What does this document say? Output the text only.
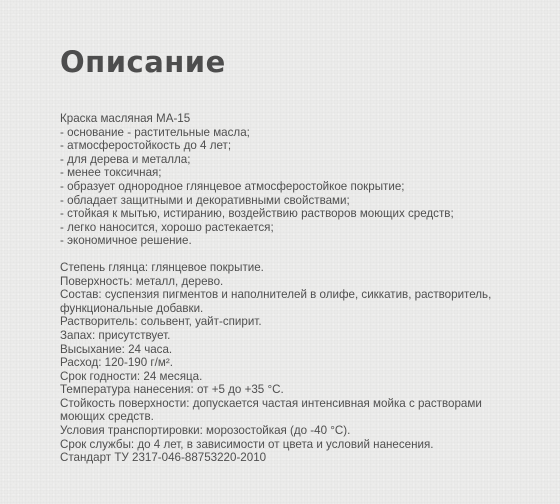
Описание
Краска масляная МА-15
- основание - растительные масла;
- атмосферостойкость до 4 лет;
- для дерева и металла;
- менее токсичная;
- образует однородное глянцевое атмосферостойкое покрытие;
- обладает защитными и декоративными свойствами;
- стойкая к мытью, истиранию, воздействию растворов моющих средств;
- легко наносится, хорошо растекается;
- экономичное решение.
Степень глянца: глянцевое покрытие.
Поверхность: металл, дерево.
Состав: суспензия пигментов и наполнителей в олифе, сиккатив, растворитель,
функциональные добавки.
Растворитель: сольвент, уайт-спирит.
Запах: присутствует.
Высыхание: 24 часа.
Расход: 120-190 г/м².
Срок годности: 24 месяца.
Температура нанесения: от +5 до +35 °С.
Стойкость поверхности: допускается частая интенсивная мойка с растворами
моющих средств.
Условия транспортировки: морозостойкая (до -40 °С).
Срок службы: до 4 лет, в зависимости от цвета и условий нанесения.
Стандарт ТУ 2317-046-88753220-2010
